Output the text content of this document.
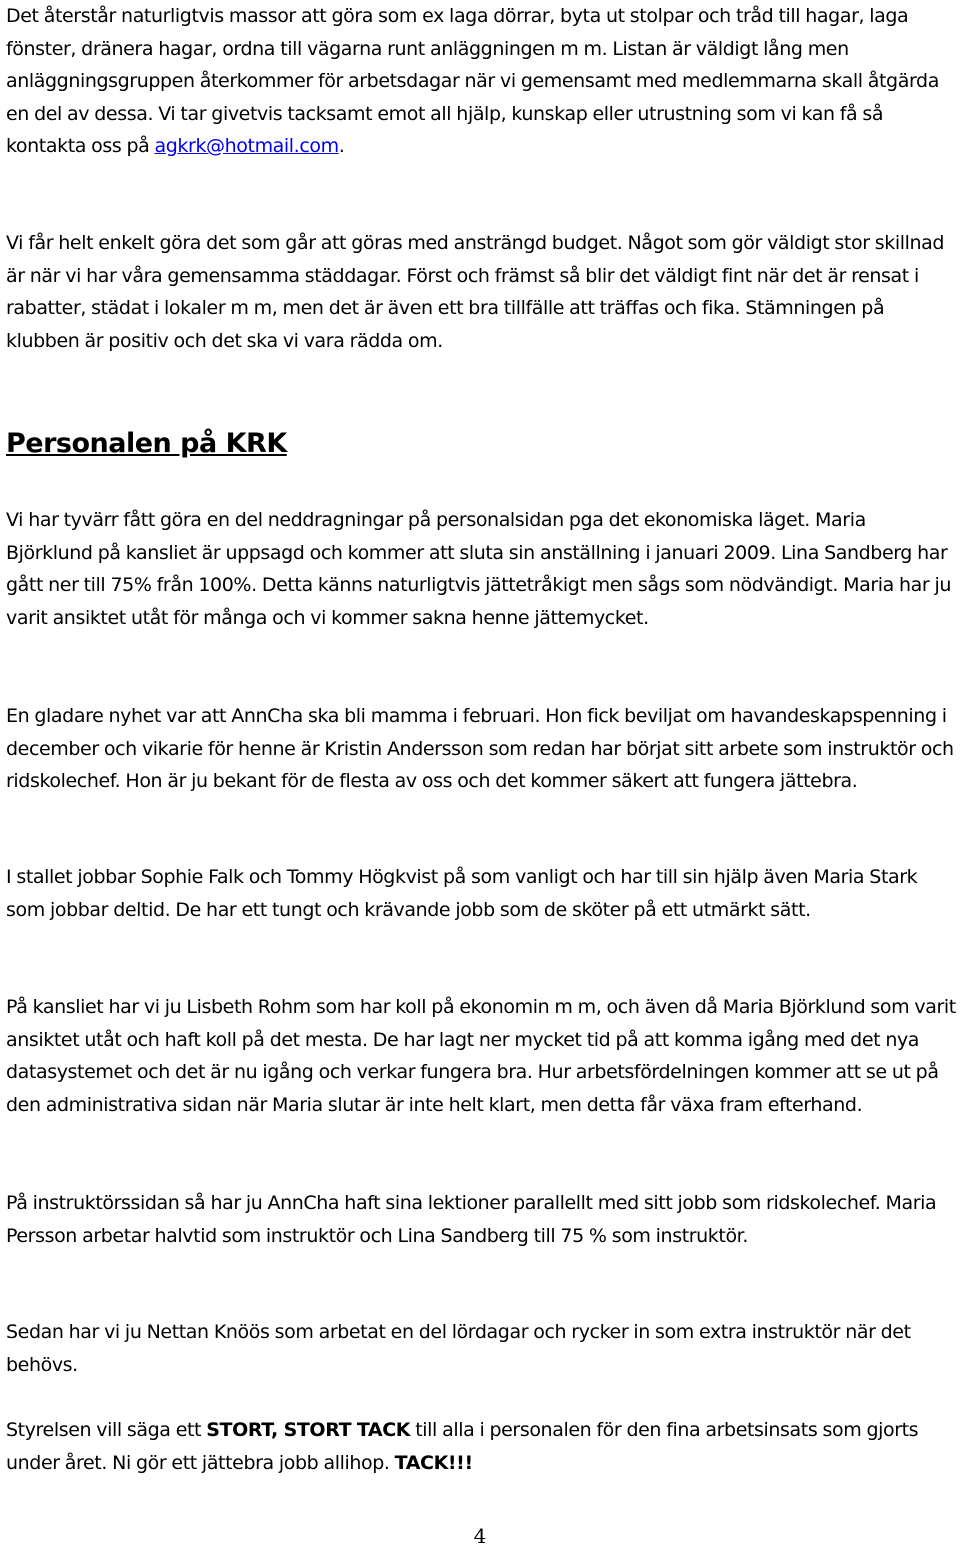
Det återstår naturligtvis massor att göra som ex laga dörrar, byta ut stolpar och tråd till hagar, laga fönster, dränera hagar, ordna till vägarna runt anläggningen m m. Listan är väldigt lång men anläggningsgruppen återkommer för arbetsdagar när vi gemensamt med medlemmarna skall åtgärda en del av dessa. Vi tar givetvis tacksamt emot all hjälp, kunskap eller utrustning som vi kan få så kontakta oss på agkrk@hotmail.com.

Vi får helt enkelt göra det som går att göras med ansträngd budget. Något som gör väldigt stor skillnad är när vi har våra gemensamma städdagar. Först och främst så blir det väldigt fint när det är rensat i rabatter, städat i lokaler m m, men det är även ett bra tillfälle att träffas och fika. Stämningen på klubben är positiv och det ska vi vara rädda om.

Personalen på KRK

Vi har tyvärr fått göra en del neddragningar på personalsidan pga det ekonomiska läget. Maria Björklund på kansliet är uppsagd och kommer att sluta sin anställning i januari 2009. Lina Sandberg har gått ner till 75% från 100%. Detta känns naturligtvis jättetråkigt men sågs som nödvändigt. Maria har ju varit ansiktet utåt för många och vi kommer sakna henne jättemycket.

En gladare nyhet var att AnnCha ska bli mamma i februari. Hon fick beviljat om havandeskapspenning i december och vikarie för henne är Kristin Andersson som redan har börjat sitt arbete som instruktör och ridskolechef. Hon är ju bekant för de flesta av oss och det kommer säkert att fungera jättebra.

I stallet jobbar Sophie Falk och Tommy Högkvist på som vanligt och har till sin hjälp även Maria Stark som jobbar deltid. De har ett tungt och krävande jobb som de sköter på ett utmärkt sätt.

På kansliet har vi ju Lisbeth Rohm som har koll på ekonomin m m, och även då Maria Björklund som varit ansiktet utåt och haft koll på det mesta. De har lagt ner mycket tid på att komma igång med det nya datasystemet och det är nu igång och verkar fungera bra. Hur arbetsfördelningen kommer att se ut på den administrativa sidan när Maria slutar är inte helt klart, men detta får växa fram efterhand.

På instruktörssidan så har ju AnnCha haft sina lektioner parallellt med sitt jobb som ridskolechef. Maria Persson arbetar halvtid som instruktör och Lina Sandberg till 75 % som instruktör.

Sedan har vi ju Nettan Knöös som arbetat en del lördagar och rycker in som extra instruktör när det behövs.

Styrelsen vill säga ett STORT, STORT TACK till alla i personalen för den fina arbetsinsats som gjorts under året. Ni gör ett jättebra jobb allihop. TACK!!!

4
